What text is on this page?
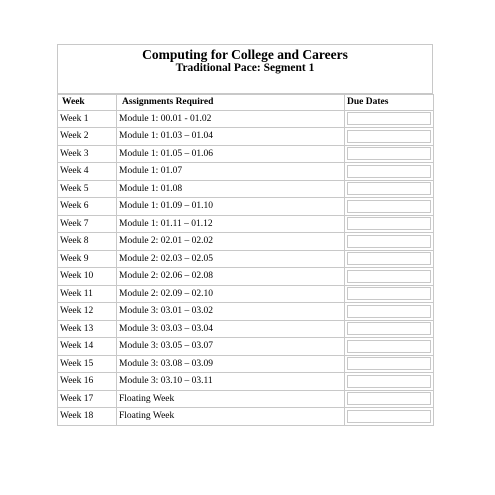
Computing for College and Careers
Traditional Pace: Segment 1
Week	Assignments Required	Due Dates
Week 1	Module 1: 00.01 - 01.02	

Week 2	Module 1: 01.03 – 01.04	

Week 3	Module 1: 01.05 – 01.06	

Week 4	Module 1: 01.07	

Week 5	Module 1: 01.08	

Week 6	Module 1: 01.09 – 01.10	

Week 7	Module 1: 01.11 – 01.12	

Week 8	Module 2: 02.01 – 02.02	

Week 9	Module 2: 02.03 – 02.05	

Week 10	Module 2: 02.06 – 02.08	

Week 11	Module 2: 02.09 – 02.10	

Week 12	Module 3: 03.01 – 03.02	

Week 13	Module 3: 03.03 – 03.04	

Week 14	Module 3: 03.05 – 03.07	

Week 15	Module 3: 03.08 – 03.09	

Week 16	Module 3: 03.10 – 03.11	

Week 17	Floating Week	

Week 18	Floating Week	
